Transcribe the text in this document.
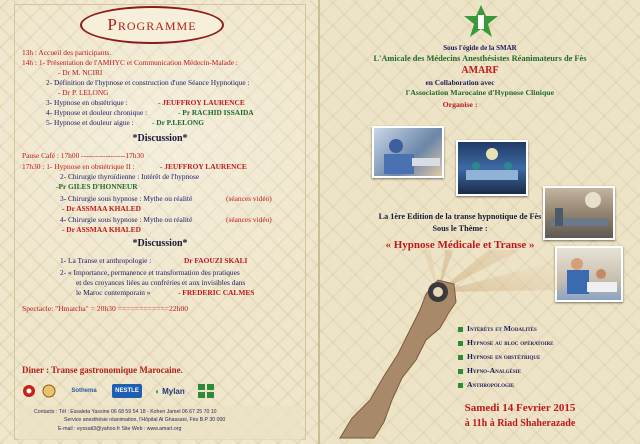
Programme
13h : Accueil des participants.
14h : 1- Présentation de l'AMHYC et Communication Médecin-Malade :
- Dr M. NCIRI
2- Définition de l'hypnose et construction d'une Séance Hypnotique :
- Dr P. LELONG
3- Hypnose en obstétrique :	- JEUFFROY LAURENCE
4- Hypnose et douleur chronique :	- Pr RACHID ISSAIDA
5- Hypnose et douleur aigue : - Dr P.LELONG
*Discussion*
Pause Café : 17h00 ------------------17h30
17h30 : 1- Hypnose en obstétrique II :	- JEUFFROY LAURENCE
2- Chirurgie thyroïdienne : Intérêt de l'hypnose
-Pr GILES D'HONNEUR
3- Chirurgie sous hypnose : Mythe ou réalité	(séances vidéo)
- Dr ASSMAA KHALED
4- Chirurgie sous hypnose : Mythe ou réalité	(séances vidéo)
- Dr ASSMAA KHALED
*Discussion*
1- La Transe et anthropologie :	Dr FAOUZI SKALI
2- « Importance, permanence et transformation des pratiques
et des croyances liées au confréries et aux invisibles dans
le Maroc contemporain »	- FREDERIC CALMES
Spectacle: "Hmatcha" = 20h30 ============22h00
Diner : Transe gastronomique Marocaine.
Sothema	NESTLE	◐ Mylan
Contacts : Tél : Essaleta Yassine 06 68 59 54 18 - Kohen Jamel 06 67 25 70 10
Service anesthésie réanimation, l'Hôpital Al Ghassani, Fès B.P 30 000
E-mail : eyssati3@yahoo.fr Site Web : www.amart.org
Sous l'égide de la SMAR
L'Amicale des Médecins Anesthésistes Réanimateurs de Fès
AMARF
en Collaboration avec
l'Association Marocaine d'Hypnose Clinique
Organise :
La 1ère Edition de la transe hypnotique de Fès
Sous le Thème :
« Hypnose Médicale et Transe »
Intérêts et Modalités
Hypnose au bloc opératoire
Hypnose en obstétrique
Hypno-Analgésie
Anthropologie
Samedi 14 Fevrier 2015
à 11h à Riad Shaherazade
